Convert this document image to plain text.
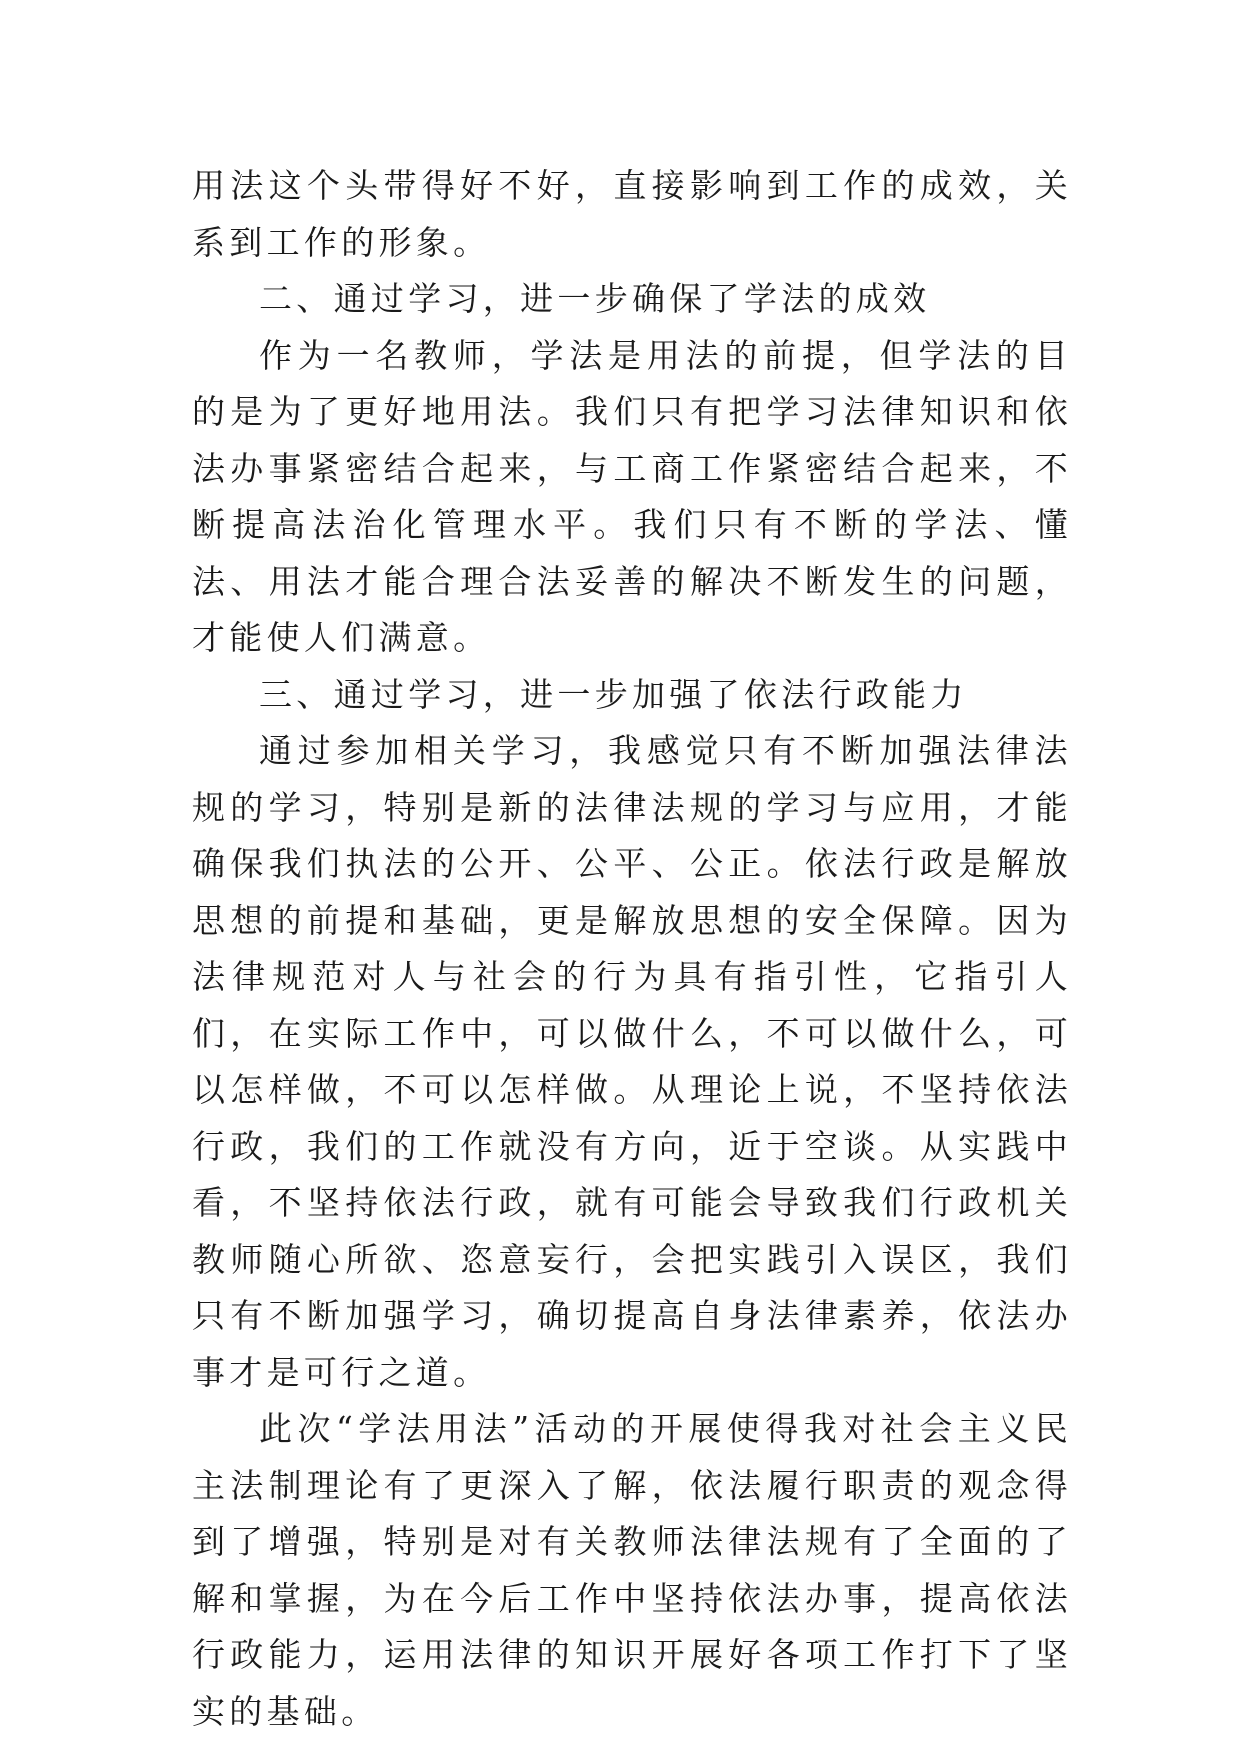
用法这个头带得好不好，直接影响到工作的成效，关系到工作的形象。

二、通过学习，进一步确保了学法的成效

作为一名教师，学法是用法的前提，但学法的目的是为了更好地用法。我们只有把学习法律知识和依法办事紧密结合起来，与工商工作紧密结合起来，不断提高法治化管理水平。我们只有不断的学法、懂法、用法才能合理合法妥善的解决不断发生的问题，才能使人们满意。

三、通过学习，进一步加强了依法行政能力

通过参加相关学习，我感觉只有不断加强法律法规的学习，特别是新的法律法规的学习与应用，才能确保我们执法的公开、公平、公正。依法行政是解放思想的前提和基础，更是解放思想的安全保障。因为法律规范对人与社会的行为具有指引性，它指引人们，在实际工作中，可以做什么，不可以做什么，可以怎样做，不可以怎样做。从理论上说，不坚持依法行政，我们的工作就没有方向，近于空谈。从实践中看，不坚持依法行政，就有可能会导致我们行政机关教师随心所欲、恣意妄行，会把实践引入误区，我们只有不断加强学习，确切提高自身法律素养，依法办事才是可行之道。

此次“学法用法”活动的开展使得我对社会主义民主法制理论有了更深入了解，依法履行职责的观念得到了增强，特别是对有关教师法律法规有了全面的了解和掌握，为在今后工作中坚持依法办事，提高依法行政能力，运用法律的知识开展好各项工作打下了坚实的基础。
